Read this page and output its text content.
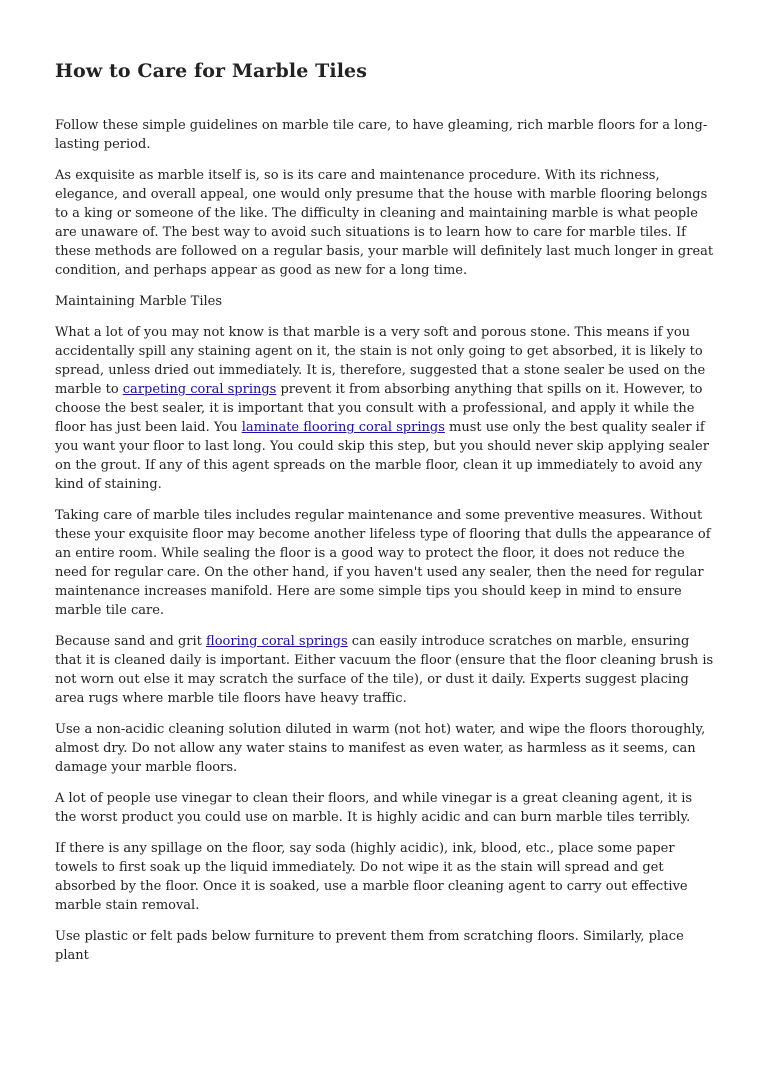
How to Care for Marble Tiles

Follow these simple guidelines on marble tile care, to have gleaming, rich marble floors for a long-lasting period.

As exquisite as marble itself is, so is its care and maintenance procedure. With its richness, elegance, and overall appeal, one would only presume that the house with marble flooring belongs to a king or someone of the like. The difficulty in cleaning and maintaining marble is what people are unaware of. The best way to avoid such situations is to learn how to care for marble tiles. If these methods are followed on a regular basis, your marble will definitely last much longer in great condition, and perhaps appear as good as new for a long time.

Maintaining Marble Tiles

What a lot of you may not know is that marble is a very soft and porous stone. This means if you accidentally spill any staining agent on it, the stain is not only going to get absorbed, it is likely to spread, unless dried out immediately. It is, therefore, suggested that a stone sealer be used on the marble to carpeting coral springs prevent it from absorbing anything that spills on it. However, to choose the best sealer, it is important that you consult with a professional, and apply it while the floor has just been laid. You laminate flooring coral springs must use only the best quality sealer if you want your floor to last long. You could skip this step, but you should never skip applying sealer on the grout. If any of this agent spreads on the marble floor, clean it up immediately to avoid any kind of staining.

Taking care of marble tiles includes regular maintenance and some preventive measures. Without these your exquisite floor may become another lifeless type of flooring that dulls the appearance of an entire room. While sealing the floor is a good way to protect the floor, it does not reduce the need for regular care. On the other hand, if you haven't used any sealer, then the need for regular maintenance increases manifold. Here are some simple tips you should keep in mind to ensure marble tile care.

Because sand and grit flooring coral springs can easily introduce scratches on marble, ensuring that it is cleaned daily is important. Either vacuum the floor (ensure that the floor cleaning brush is not worn out else it may scratch the surface of the tile), or dust it daily. Experts suggest placing area rugs where marble tile floors have heavy traffic.

Use a non-acidic cleaning solution diluted in warm (not hot) water, and wipe the floors thoroughly, almost dry. Do not allow any water stains to manifest as even water, as harmless as it seems, can damage your marble floors.

A lot of people use vinegar to clean their floors, and while vinegar is a great cleaning agent, it is the worst product you could use on marble. It is highly acidic and can burn marble tiles terribly.

If there is any spillage on the floor, say soda (highly acidic), ink, blood, etc., place some paper towels to first soak up the liquid immediately. Do not wipe it as the stain will spread and get absorbed by the floor. Once it is soaked, use a marble floor cleaning agent to carry out effective marble stain removal.

Use plastic or felt pads below furniture to prevent them from scratching floors. Similarly, place plant
